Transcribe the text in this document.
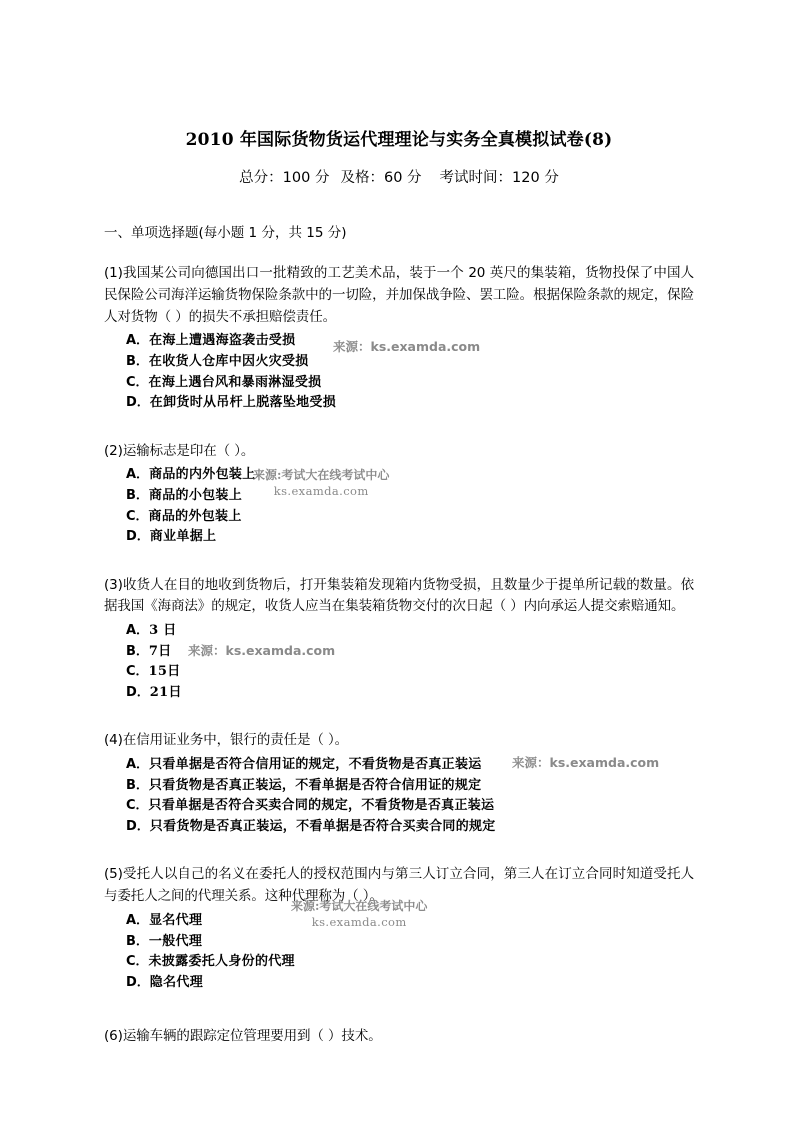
2010 年国际货物货运代理理论与实务全真模拟试卷(8)
总分：100 分 及格：60 分 考试时间：120 分
一、单项选择题(每小题 1 分，共 15 分)
(1)我国某公司向德国出口一批精致的工艺美术品，装于一个 20 英尺的集装箱，货物投保了中国人民保险公司海洋运输货物保险条款中的一切险，并加保战争险、罢工险。根据保险条款的规定，保险人对货物（ ）的损失不承担赔偿责任。
A．在海上遭遇海盗袭击受损
B．在收货人仓库中因火灾受损
C．在海上遇台风和暴雨淋湿受损
D．在卸货时从吊杆上脱落坠地受损
(2)运输标志是印在（ ）。
A．商品的内外包装上
B．商品的小包装上
C．商品的外包装上
D．商业单据上
(3)收货人在目的地收到货物后，打开集装箱发现箱内货物受损，且数量少于提单所记载的数量。依据我国《海商法》的规定，收货人应当在集装箱货物交付的次日起（ ）内向承运人提交索赔通知。
A．3 日
B．7日
C．15日
D．21日
(4)在信用证业务中，银行的责任是（ ）。
A．只看单据是否符合信用证的规定，不看货物是否真正装运
B．只看货物是否真正装运，不看单据是否符合信用证的规定
C．只看单据是否符合买卖合同的规定，不看货物是否真正装运
D．只看货物是否真正装运，不看单据是否符合买卖合同的规定
(5)受托人以自己的名义在委托人的授权范围内与第三人订立合同，第三人在订立合同时知道受托人与委托人之间的代理关系。这种代理称为（ ）。
A．显名代理
B．一般代理
C．未披露委托人身份的代理
D．隐名代理
(6)运输车辆的跟踪定位管理要用到（ ）技术。
来源：ks.examda.com
来源:考试大在线考试中心
ks.examda.com
来源：ks.examda.com
来源：ks.examda.com
来源:考试大在线考试中心
ks.examda.com
